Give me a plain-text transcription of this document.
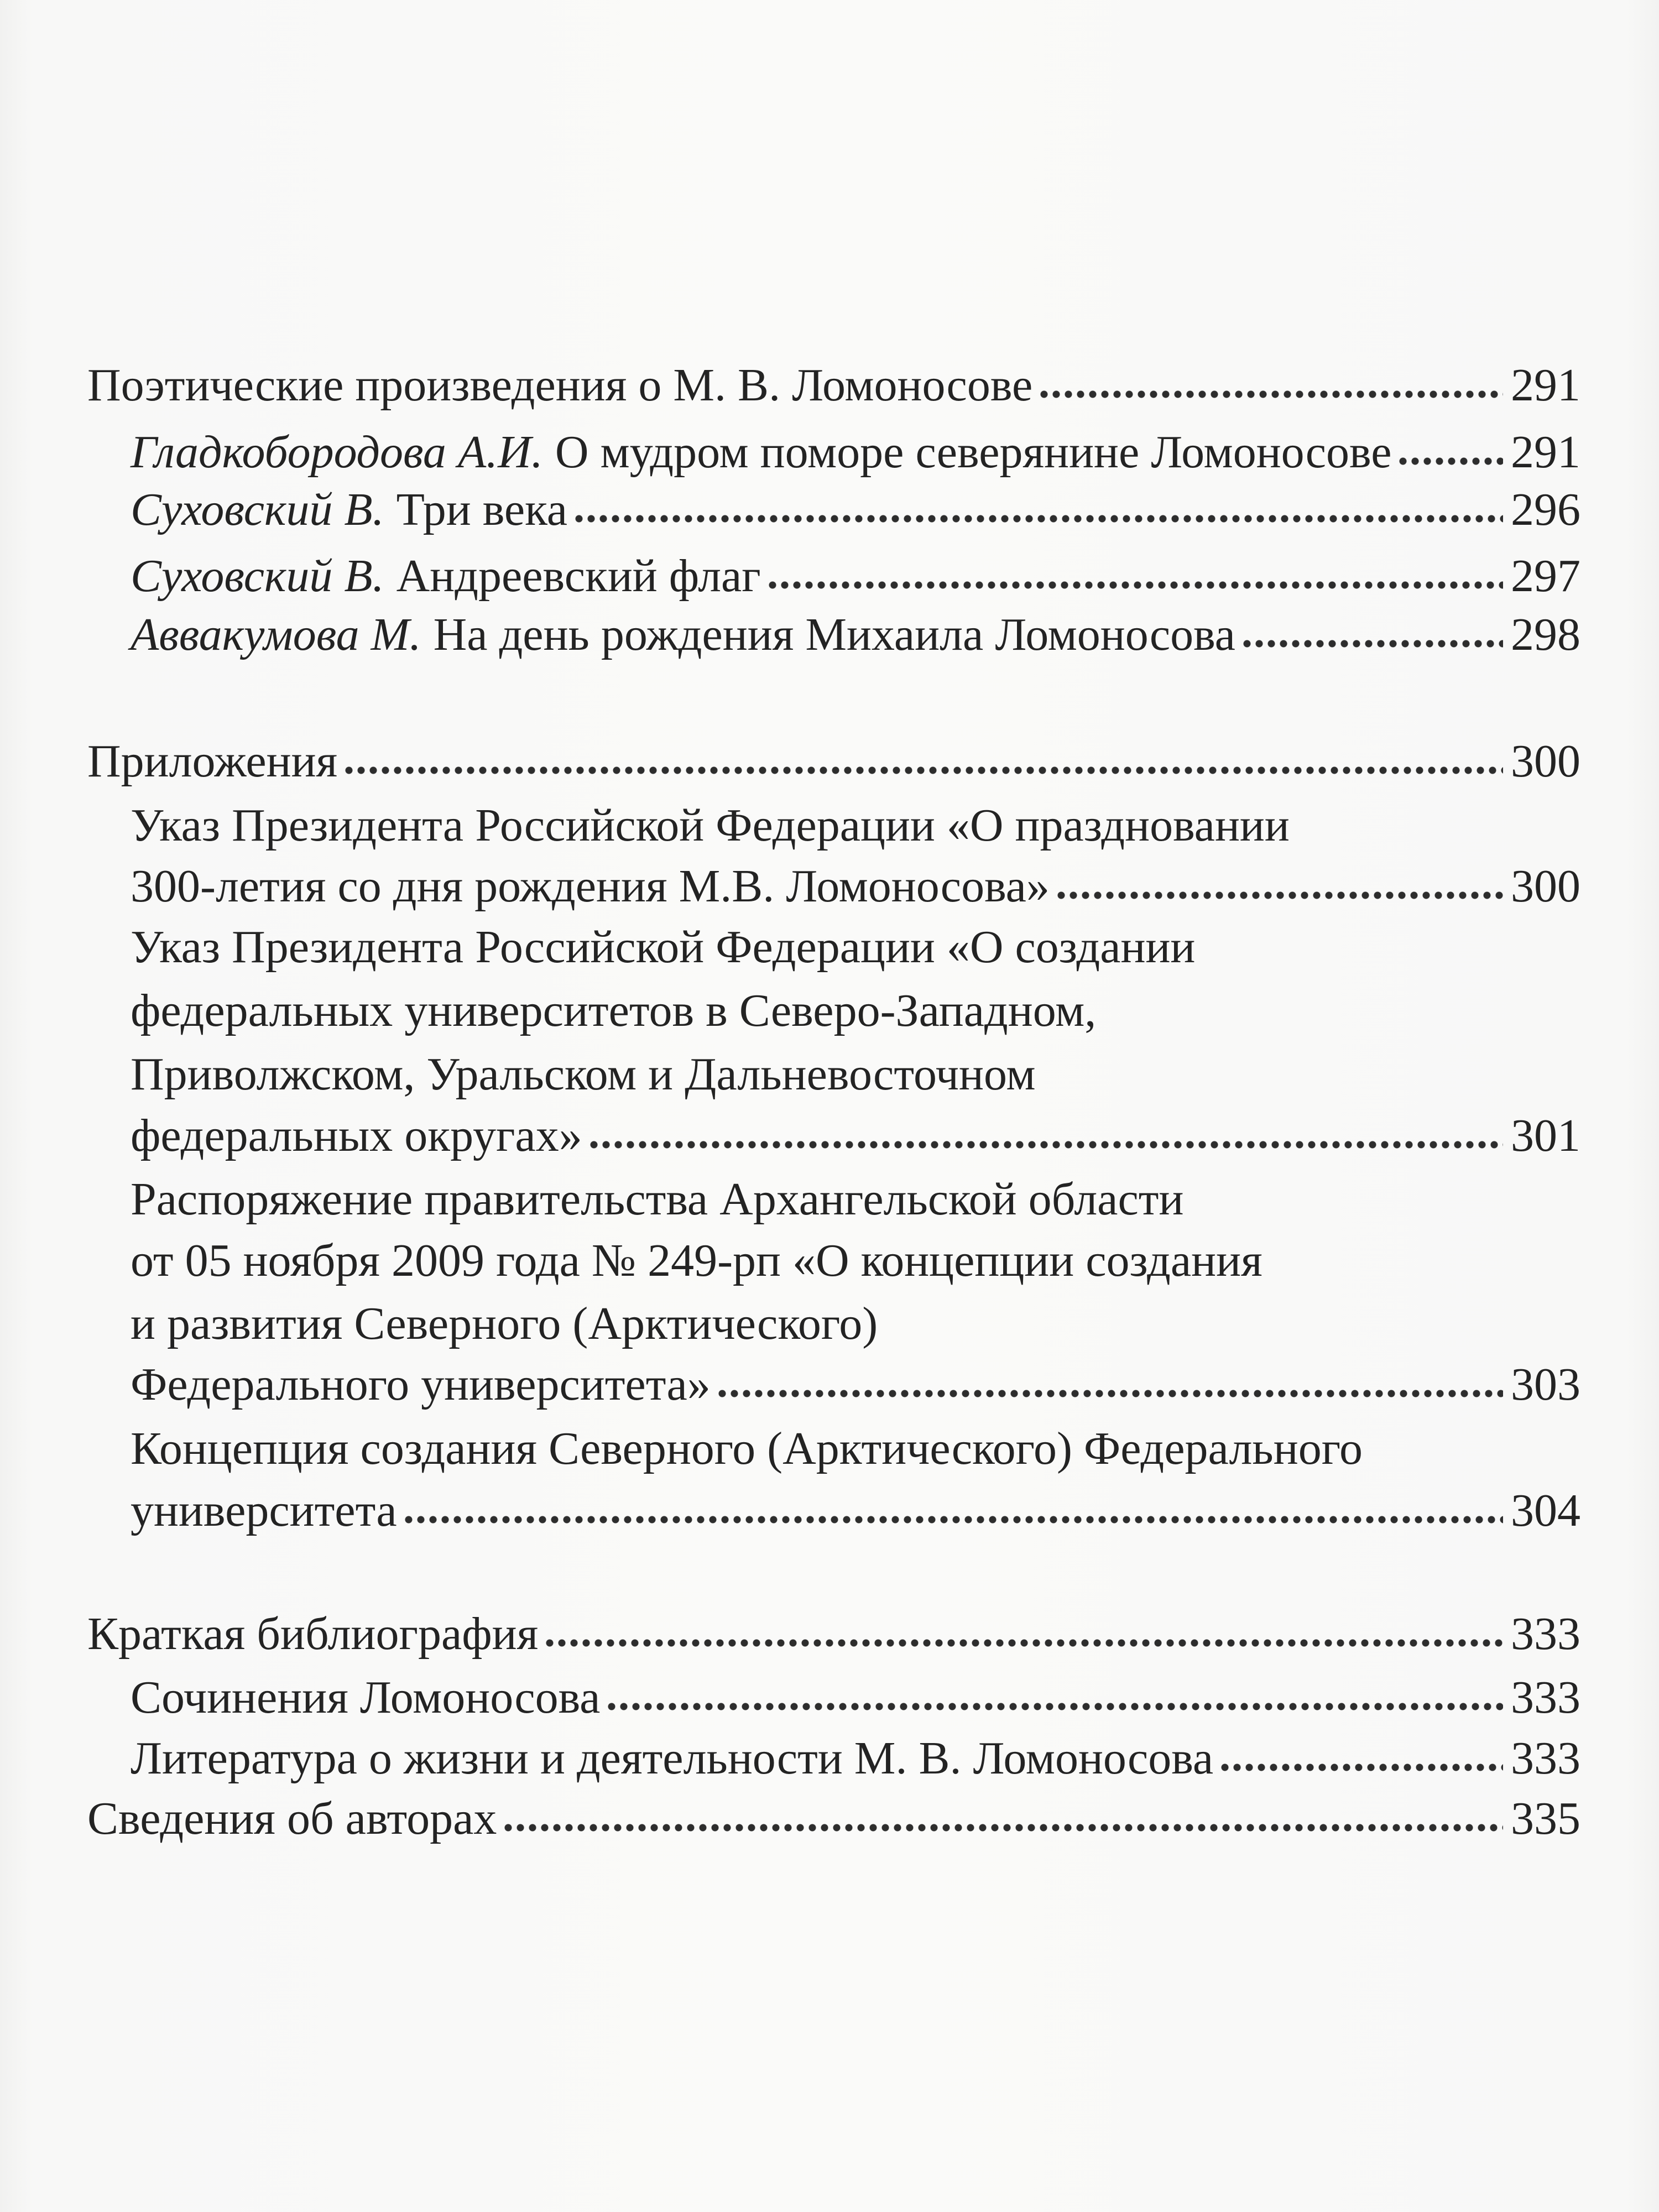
Поэтические произведения о М. В. Ломоносове	291
Гладкобородова А.И. О мудром поморе северянине Ломоносове	291
Суховский В. Три века	296
Суховский В. Андреевский флаг	297
Аввакумова М. На день рождения Михаила Ломоносова	298
Приложения	300
Указ Президента Российской Федерации «О праздновании
300-летия со дня рождения М.В. Ломоносова»	300
Указ Президента Российской Федерации «О создании
федеральных университетов в Северо-Западном,
Приволжском, Уральском и Дальневосточном
федеральных округах»	301
Распоряжение правительства Архангельской области
от 05 ноября 2009 года № 249-рп «О концепции создания
и развития Северного (Арктического)
Федерального университета»	303
Концепция создания Северного (Арктического) Федерального
университета	304
Краткая библиография	333
Сочинения Ломоносова	333
Литература о жизни и деятельности М. В. Ломоносова	333
Сведения об авторах	335
